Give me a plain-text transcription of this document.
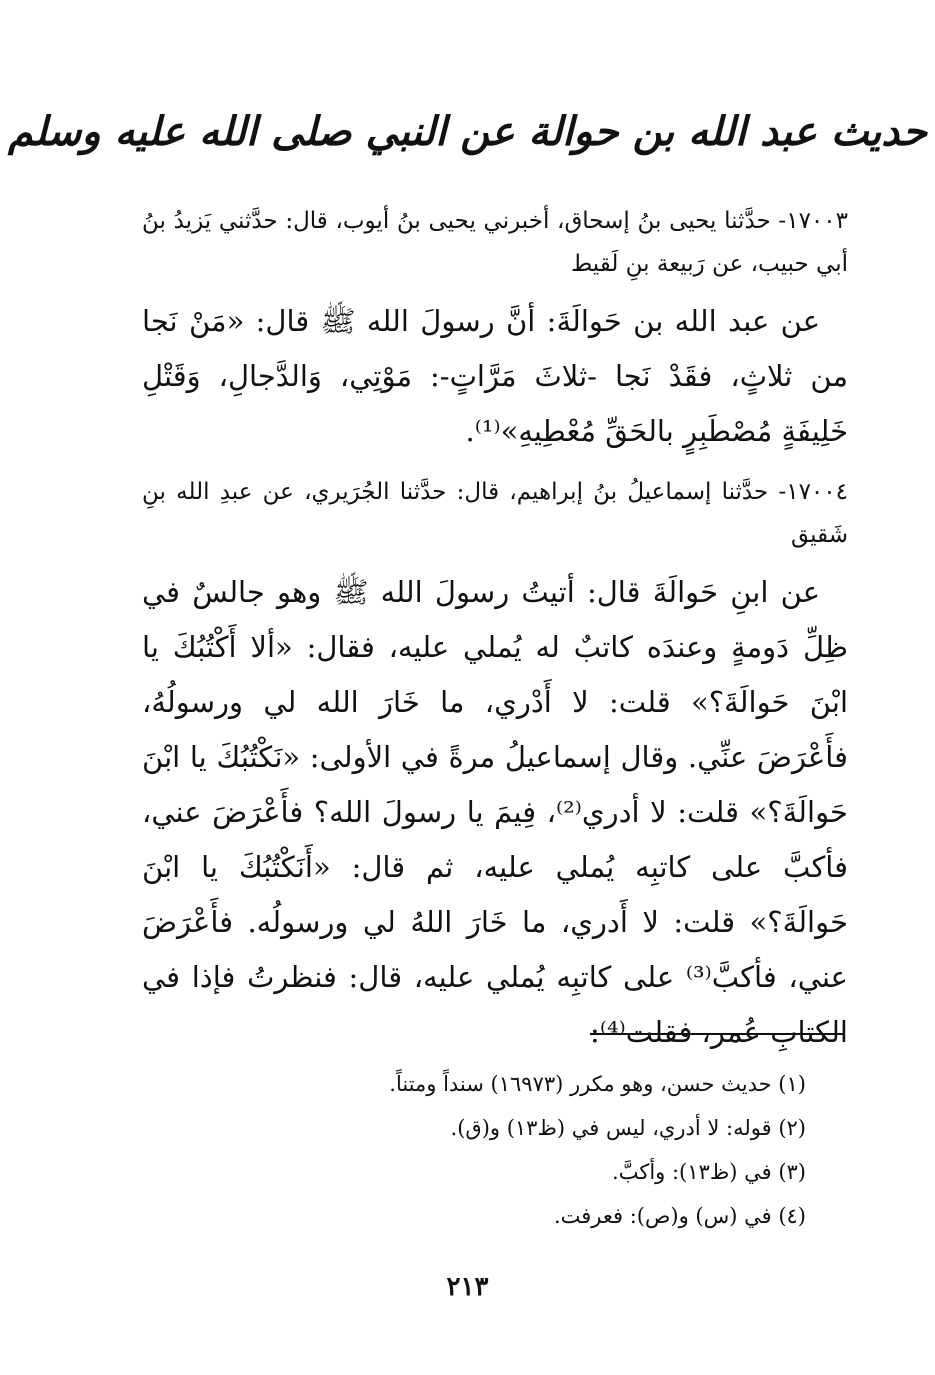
حديث عبد الله بن حوالة عن النبي صلى الله عليه وسلم

١٧٠٠٣- حدَّثنا يحيى بنُ إسحاق، أخبرني يحيى بنُ أيوب، قال: حدَّثني يَزيدُ بنُ أبي حبيب، عن رَبيعة بنِ لَقيط

عن عبد الله بن حَوالَةَ: أنَّ رسولَ الله ﷺ قال: «مَنْ نَجا من ثلاثٍ، فقَدْ نَجا -ثلاثَ مَرَّاتٍ-: مَوْتِي، وَالدَّجالِ، وَقَتْلِ خَلِيفَةٍ مُصْطَبِرٍ بالحَقِّ مُعْطِيهِ»⁽¹⁾.

١٧٠٠٤- حدَّثنا إسماعيلُ بنُ إبراهيم، قال: حدَّثنا الجُرَيري، عن عبدِ الله بنِ شَقيق

عن ابنِ حَوالَةَ قال: أتيتُ رسولَ الله ﷺ وهو جالسٌ في ظِلِّ دَومةٍ وعندَه كاتبٌ له يُملي عليه، فقال: «ألا أَكْتُبُكَ يا ابْنَ حَوالَةَ؟» قلت: لا أَدْري، ما خَارَ الله لي ورسولُهُ، فأَعْرَضَ عنِّي. وقال إسماعيلُ مرةً في الأولى: «نَكْتُبُكَ يا ابْنَ حَوالَةَ؟» قلت: لا أدري⁽²⁾، فِيمَ يا رسولَ الله؟ فأَعْرَضَ عني، فأكبَّ على كاتبِه يُملي عليه، ثم قال: «أَنَكْتُبُكَ يا ابْنَ حَوالَةَ؟» قلت: لا أَدري، ما خَارَ اللهُ لي ورسولُه. فأَعْرَضَ عني، فأكبَّ⁽³⁾ على كاتبِه يُملي عليه، قال: فنظرتُ فإذا في الكتابِ عُمر، فقلت⁽⁴⁾:

(١) حديث حسن، وهو مكرر (١٦٩٧٣) سنداً ومتناً.

(٢) قوله: لا أدري، ليس في (ظ١٣) و(ق).

(٣) في (ظ١٣): وأكبَّ.

(٤) في (س) و(ص): فعرفت.

٢١٣
